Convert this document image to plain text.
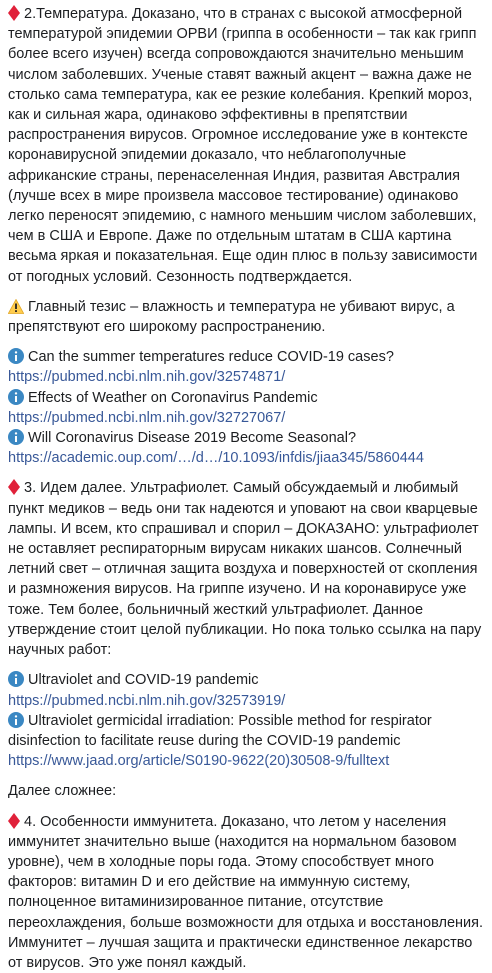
2.Температура. Доказано, что в странах с высокой атмосферной температурой эпидемии ОРВИ (гриппа в особенности – так как грипп более всего изучен) всегда сопровождаются значительно меньшим числом заболевших. Ученые ставят важный акцент – важна даже не столько сама температура, как ее резкие колебания. Крепкий мороз, как и сильная жара, одинаково эффективны в препятствии распространения вирусов. Огромное исследование уже в контексте коронавирусной эпидемии доказало, что неблагополучные африканские страны, перенаселенная Индия, развитая Австралия (лучше всех в мире произвела массовое тестирование) одинаково легко переносят эпидемию, с намного меньшим числом заболевших, чем в США и Европе. Даже по отдельным штатам в США картина весьма яркая и показательная. Еще один плюс в пользу зависимости от погодных условий. Сезонность подтверждается.

Главный тезис – влажность и температура не убивают вирус, а препятствуют его широкому распространению.

Can the summer temperatures reduce COVID-19 cases?
https://pubmed.ncbi.nlm.nih.gov/32574871/
Effects of Weather on Coronavirus Pandemic
https://pubmed.ncbi.nlm.nih.gov/32727067/
Will Coronavirus Disease 2019 Become Seasonal?
https://academic.oup.com/…/d…/10.1093/infdis/jiaa345/5860444

3. Идем далее. Ультрафиолет. Самый обсуждаемый и любимый пункт медиков – ведь они так надеются и уповают на свои кварцевые лампы. И всем, кто спрашивал и спорил – ДОКАЗАНО: ультрафиолет не оставляет респираторным вирусам никаких шансов. Солнечный летний свет – отличная защита воздуха и поверхностей от скопления и размножения вирусов. На гриппе изучено. И на коронавирусе уже тоже. Тем более, больничный жесткий ультрафиолет. Данное утверждение стоит целой публикации. Но пока только ссылка на пару научных работ:

Ultraviolet and COVID-19 pandemic
https://pubmed.ncbi.nlm.nih.gov/32573919/
Ultraviolet germicidal irradiation: Possible method for respirator disinfection to facilitate reuse during the COVID-19 pandemic
https://www.jaad.org/article/S0190-9622(20)30508-9/fulltext

Далее сложнее:

4. Особенности иммунитета. Доказано, что летом у населения иммунитет значительно выше (находится на нормальном базовом уровне), чем в холодные поры года. Этому способствует много факторов: витамин D и его действие на иммунную систему, полноценное витаминизированное питание, отсутствие переохлаждения, больше возможности для отдыха и восстановления. Иммунитет – лучшая защита и практически единственное лекарство от вирусов. Это уже понял каждый.
